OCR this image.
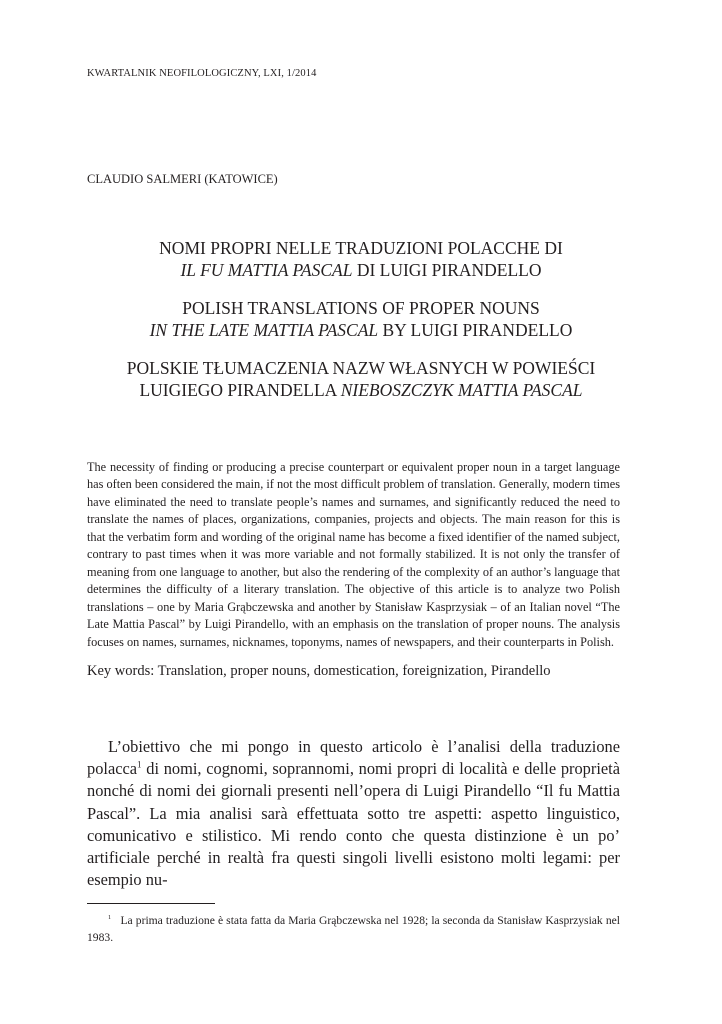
KWARTALNIK NEOFILOLOGICZNY, LXI, 1/2014
CLAUDIO SALMERI (KATOWICE)
NOMI PROPRI NELLE TRADUZIONI POLACCHE DI
IL FU MATTIA PASCAL DI LUIGI PIRANDELLO
POLISH TRANSLATIONS OF PROPER NOUNS
IN THE LATE MATTIA PASCAL BY LUIGI PIRANDELLO
POLSKIE TŁUMACZENIA NAZW WŁASNYCH W POWIEŚCI
LUIGIEGO PIRANDELLA NIEBOSZCZYK MATTIA PASCAL
The necessity of finding or producing a precise counterpart or equivalent proper noun in a target language has often been considered the main, if not the most difficult problem of translation. Generally, modern times have eliminated the need to translate people’s names and surnames, and significantly reduced the need to translate the names of places, organizations, companies, projects and objects. The main reason for this is that the verbatim form and wording of the original name has become a fixed identifier of the named subject, contrary to past times when it was more variable and not formally stabilized. It is not only the transfer of meaning from one language to another, but also the rendering of the complexity of an author’s language that determines the difficulty of a literary translation. The objective of this article is to analyze two Polish translations – one by Maria Grąbczewska and another by Stanisław Kasprzysiak – of an Italian novel “The Late Mattia Pascal” by Luigi Pirandello, with an emphasis on the translation of proper nouns. The analysis focuses on names, surnames, nicknames, toponyms, names of newspapers, and their counterparts in Polish.
Key words: Translation, proper nouns, domestication, foreignization, Pirandello
L’obiettivo che mi pongo in questo articolo è l’analisi della traduzione polacca$^1$ di nomi, cognomi, soprannomi, nomi propri di località e delle proprietà nonché di nomi dei giornali presenti nell’opera di Luigi Pirandello “Il fu Mattia Pascal”. La mia analisi sarà effettuata sotto tre aspetti: aspetto linguistico, comunicativo e stilistico. Mi rendo conto che questa distinzione è un po’ artificiale perché in realtà fra questi singoli livelli esistono molti legami: per esempio nu-
$^1$ La prima traduzione è stata fatta da Maria Grąbczewska nel 1928; la seconda da Stanisław Kasprzysiak nel 1983.
